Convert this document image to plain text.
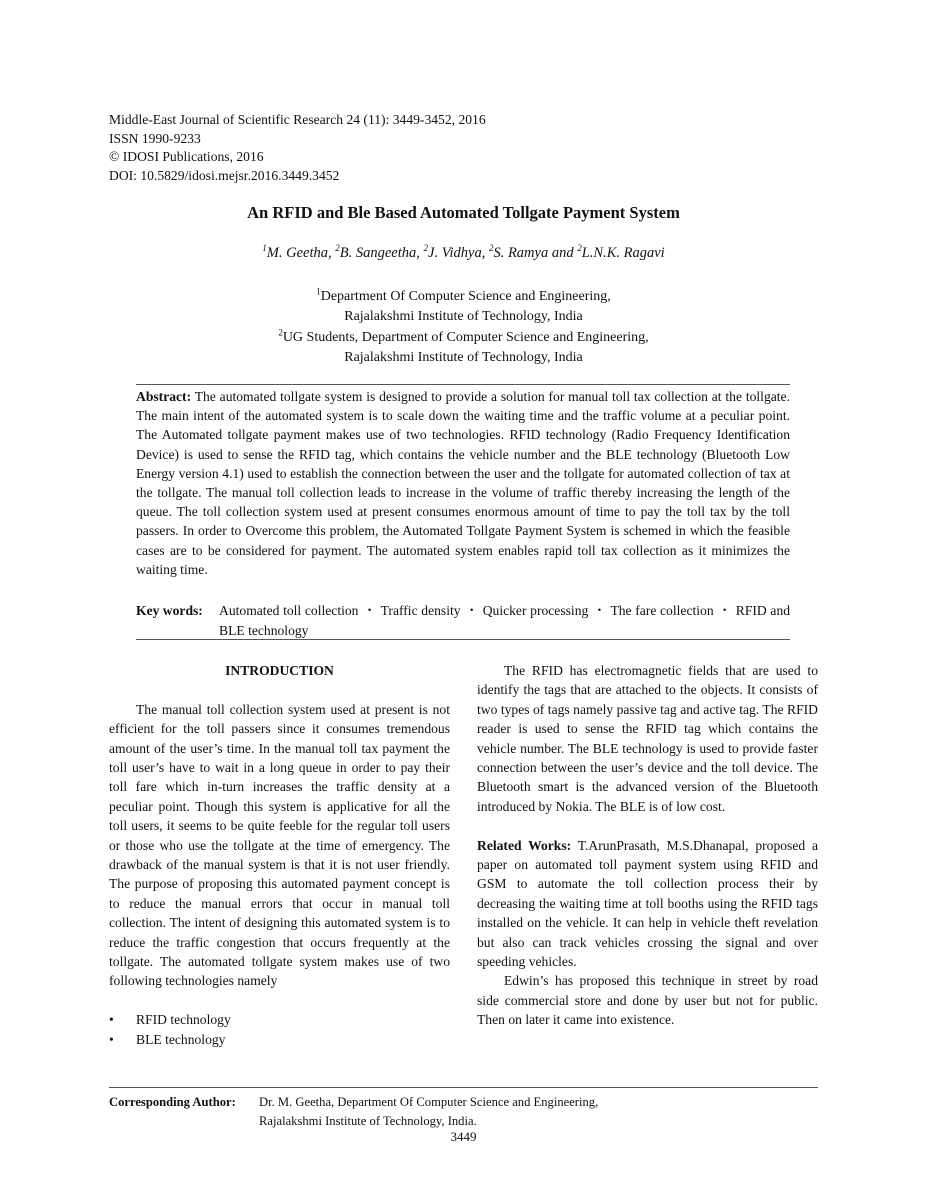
Middle-East Journal of Scientific Research 24 (11): 3449-3452, 2016
ISSN 1990-9233
© IDOSI Publications, 2016
DOI: 10.5829/idosi.mejsr.2016.3449.3452
An RFID and Ble Based Automated Tollgate Payment System
$^1$M. Geetha, $^2$B. Sangeetha, $^2$J. Vidhya, $^2$S. Ramya and $^2$L.N.K. Ragavi
$^1$Department Of Computer Science and Engineering,
Rajalakshmi Institute of Technology, India
$^2$UG Students, Department of Computer Science and Engineering,
Rajalakshmi Institute of Technology, India
Abstract: The automated tollgate system is designed to provide a solution for manual toll tax collection at the tollgate. The main intent of the automated system is to scale down the waiting time and the traffic volume at a peculiar point. The Automated tollgate payment makes use of two technologies. RFID technology (Radio Frequency Identification Device) is used to sense the RFID tag, which contains the vehicle number and the BLE technology (Bluetooth Low Energy version 4.1) used to establish the connection between the user and the tollgate for automated collection of tax at the tollgate. The manual toll collection leads to increase in the volume of traffic thereby increasing the length of the queue. The toll collection system used at present consumes enormous amount of time to pay the toll tax by the toll passers. In order to Overcome this problem, the Automated Tollgate Payment System is schemed in which the feasible cases are to be considered for payment. The automated system enables rapid toll tax collection as it minimizes the waiting time.
Key words: Automated toll collection ・ Traffic density ・ Quicker processing ・ The fare collection ・ RFID and BLE technology

INTRODUCTION

The manual toll collection system used at present is not efficient for the toll passers since it consumes tremendous amount of the user’s time. In the manual toll tax payment the toll user’s have to wait in a long queue in order to pay their toll fare which in-turn increases the traffic density at a peculiar point. Though this system is applicative for all the toll users, it seems to be quite feeble for the regular toll users or those who use the tollgate at the time of emergency. The drawback of the manual system is that it is not user friendly. The purpose of proposing this automated payment concept is to reduce the manual errors that occur in manual toll collection. The intent of designing this automated system is to reduce the traffic congestion that occurs frequently at the tollgate. The automated tollgate system makes use of two following technologies namely

• RFID technology
• BLE technology

The RFID has electromagnetic fields that are used to identify the tags that are attached to the objects. It consists of two types of tags namely passive tag and active tag. The RFID reader is used to sense the RFID tag which contains the vehicle number. The BLE technology is used to provide faster connection between the user’s device and the toll device. The Bluetooth smart is the advanced version of the Bluetooth introduced by Nokia. The BLE is of low cost.

Related Works: T.ArunPrasath, M.S.Dhanapal, proposed a paper on automated toll payment system using RFID and GSM to automate the toll collection process their by decreasing the waiting time at toll booths using the RFID tags installed on the vehicle. It can help in vehicle theft revelation but also can track vehicles crossing the signal and over speeding vehicles.

Edwin’s has proposed this technique in street by road side commercial store and done by user but not for public. Then on later it came into existence.

Corresponding Author: Dr. M. Geetha, Department Of Computer Science and Engineering,
Rajalakshmi Institute of Technology, India.
3449
